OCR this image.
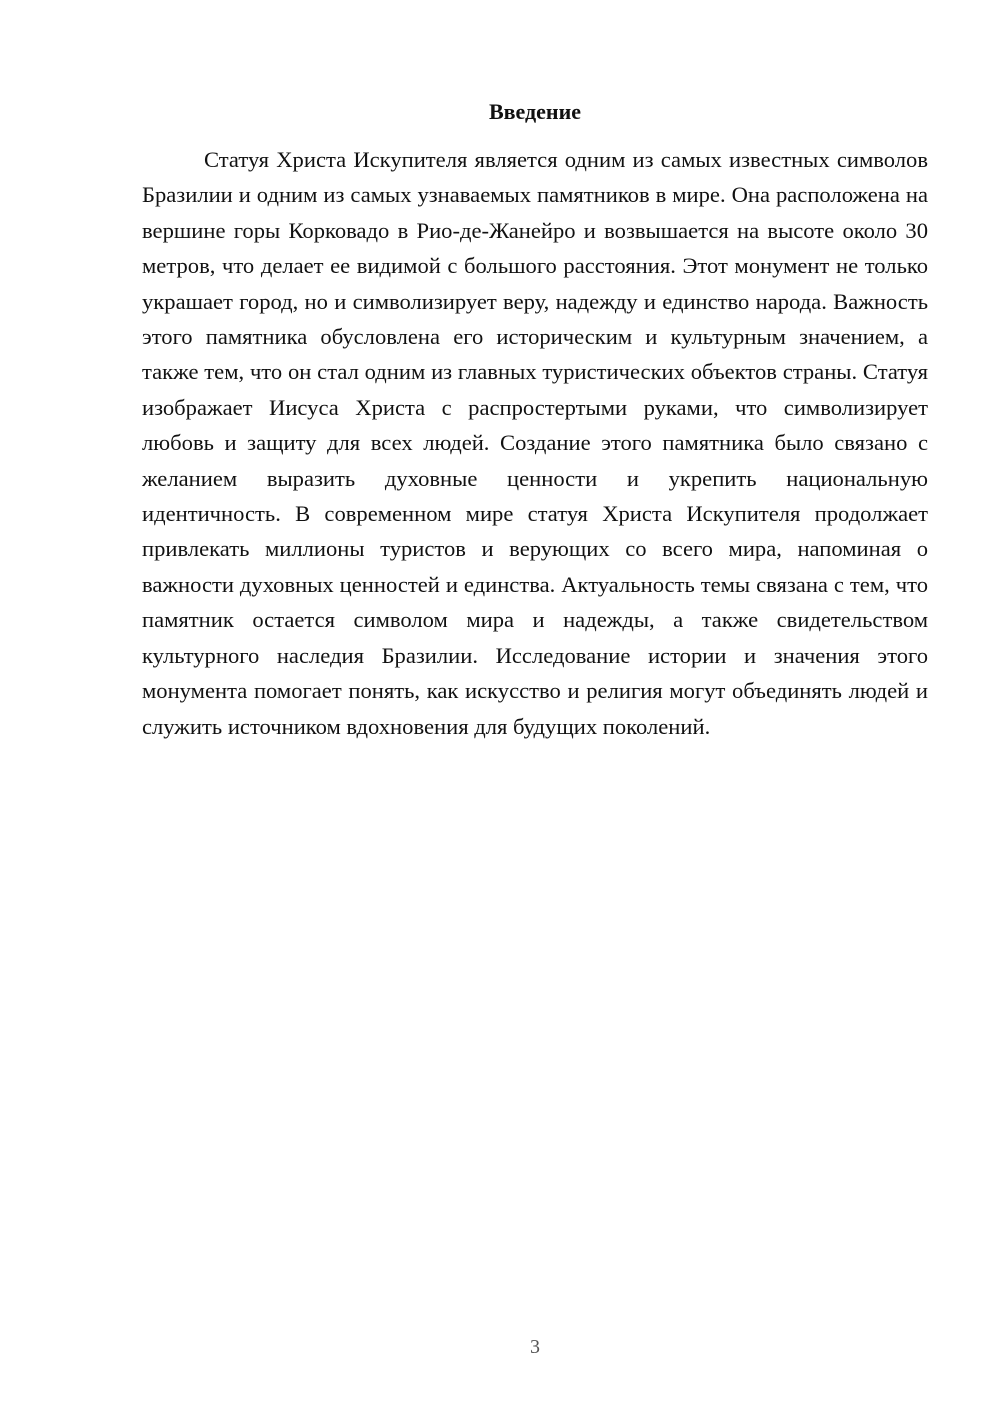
Введение

Статуя Христа Искупителя является одним из самых известных символов Бразилии и одним из самых узнаваемых памятников в мире. Она расположена на вершине горы Корковадо в Рио-де-Жанейро и возвышается на высоте около 30 метров, что делает ее видимой с большого расстояния. Этот монумент не только украшает город, но и символизирует веру, надежду и единство народа. Важность этого памятника обусловлена его историческим и культурным значением, а также тем, что он стал одним из главных туристических объектов страны. Статуя изображает Иисуса Христа с распростертыми руками, что символизирует любовь и защиту для всех людей. Создание этого памятника было связано с желанием выразить духовные ценности и укрепить национальную идентичность. В современном мире статуя Христа Искупителя продолжает привлекать миллионы туристов и верующих со всего мира, напоминая о важности духовных ценностей и единства. Актуальность темы связана с тем, что памятник остается символом мира и надежды, а также свидетельством культурного наследия Бразилии. Исследование истории и значения этого монумента помогает понять, как искусство и религия могут объединять людей и служить источником вдохновения для будущих поколений.

3
